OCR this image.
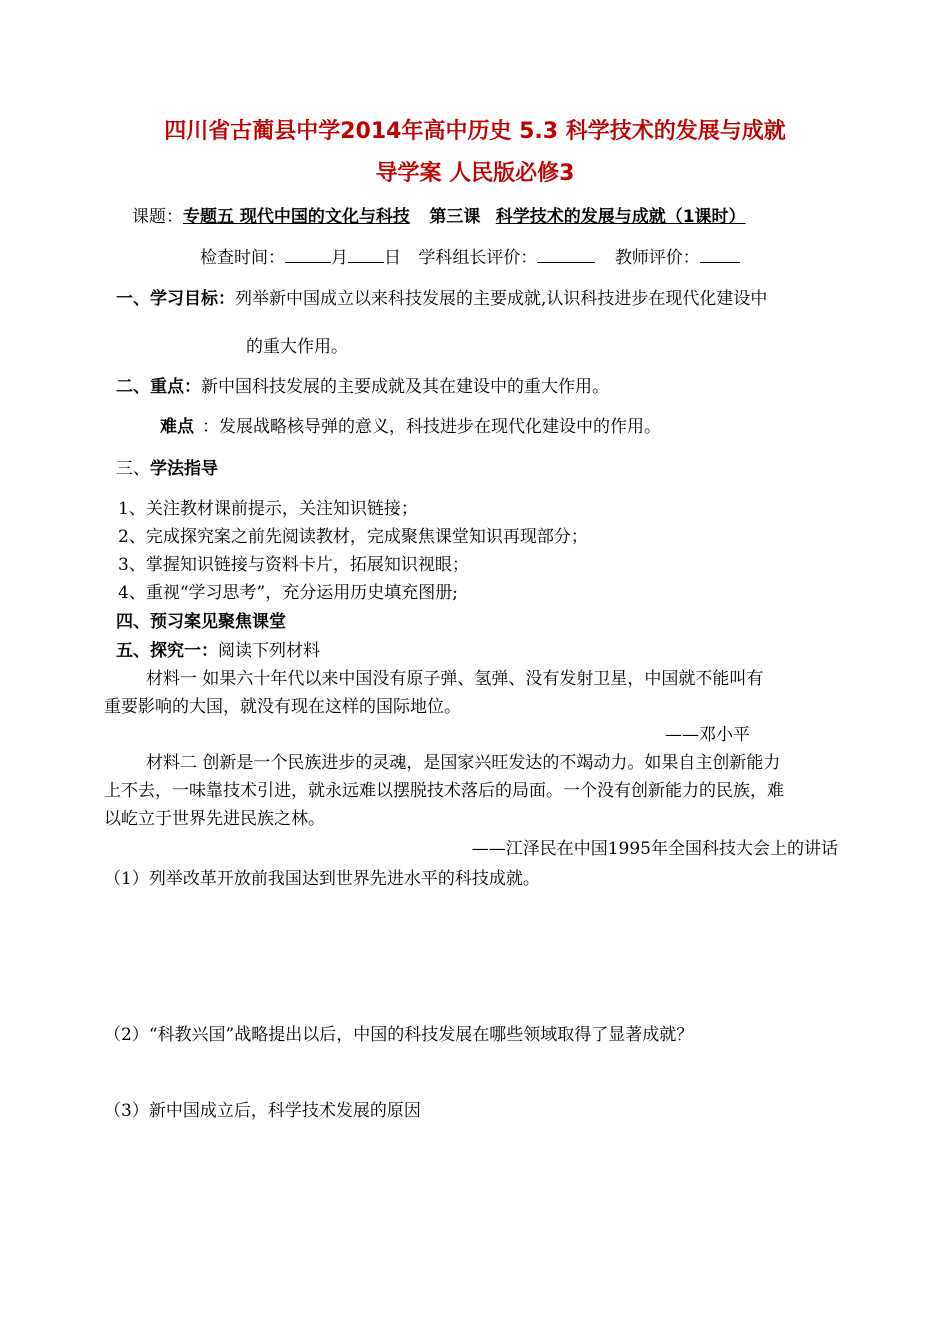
四川省古蔺县中学2014年高中历史 5.3 科学技术的发展与成就
导学案 人民版必修3
课题：专题五 现代中国的文化与科技 第三课 科学技术的发展与成就（1课时）
检查时间：	月 日 学科组长评价：	教师评价：
一、学习目标：列举新中国成立以来科技发展的主要成就,认识科技进步在现代化建设中
的重大作用。
二、重点：新中国科技发展的主要成就及其在建设中的重大作用。
难点 ：发展战略核导弹的意义，科技进步在现代化建设中的作用。
三、学法指导
1、关注教材课前提示，关注知识链接；
2、完成探究案之前先阅读教材，完成聚焦课堂知识再现部分；
3、掌握知识链接与资料卡片，拓展知识视眼；
4、重视“学习思考”，充分运用历史填充图册;
四、预习案见聚焦课堂
五、探究一：阅读下列材料
材料一 如果六十年代以来中国没有原子弹、氢弹、没有发射卫星，中国就不能叫有
重要影响的大国，就没有现在这样的国际地位。
——邓小平
材料二 创新是一个民族进步的灵魂，是国家兴旺发达的不竭动力。如果自主创新能力
上不去，一味靠技术引进，就永远难以摆脱技术落后的局面。一个没有创新能力的民族，难
以屹立于世界先进民族之林。
——江泽民在中国1995年全国科技大会上的讲话
（1）列举改革开放前我国达到世界先进水平的科技成就。
（2）“科教兴国”战略提出以后，中国的科技发展在哪些领域取得了显著成就？
（3）新中国成立后，科学技术发展的原因
